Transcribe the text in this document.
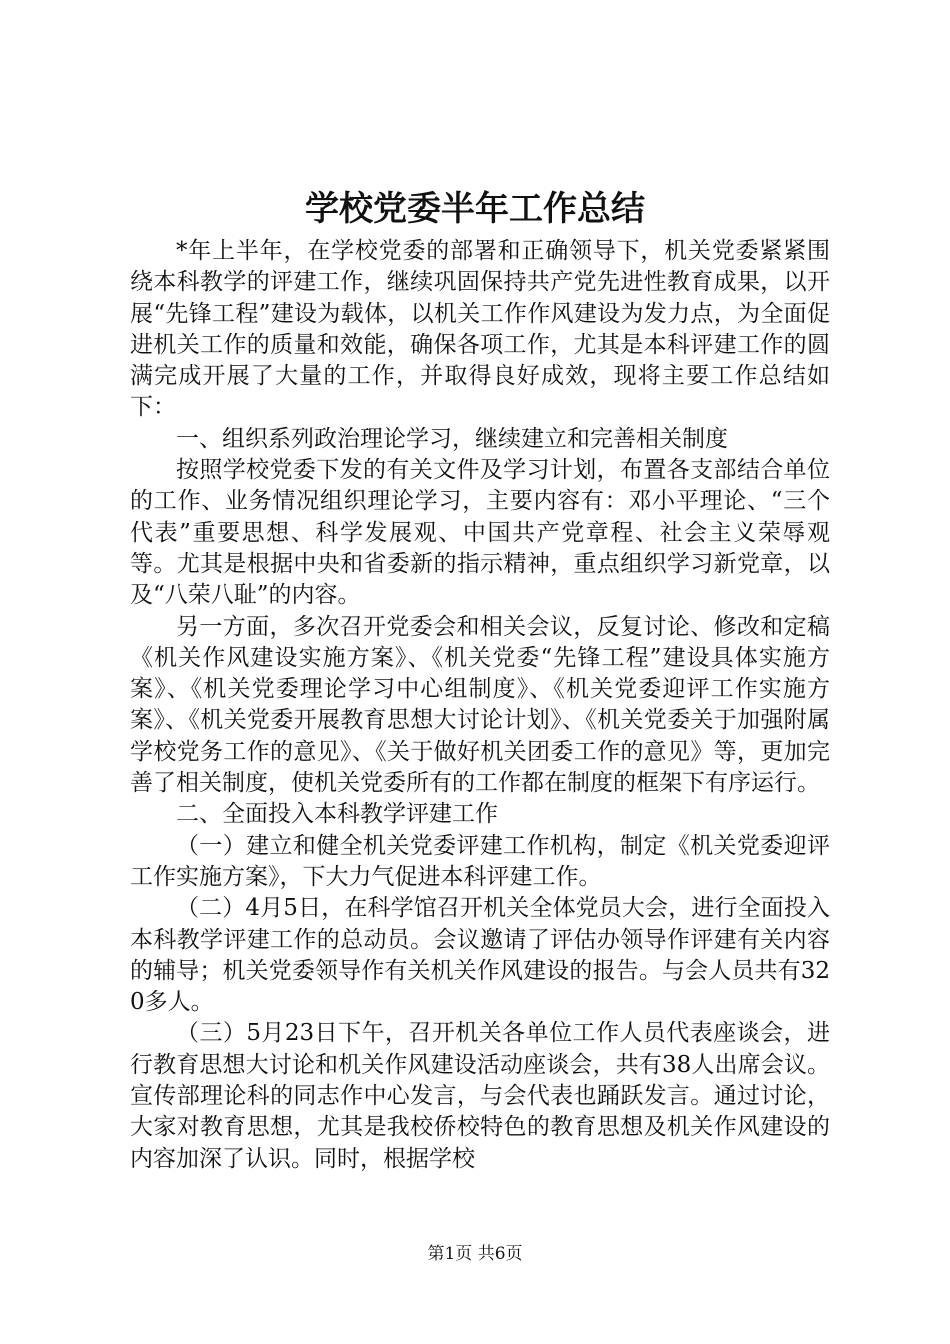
学校党委半年工作总结

*年上半年，在学校党委的部署和正确领导下，机关党委紧紧围绕本科教学的评建工作，继续巩固保持共产党先进性教育成果，以开展“先锋工程”建设为载体，以机关工作作风建设为发力点，为全面促进机关工作的质量和效能，确保各项工作，尤其是本科评建工作的圆满完成开展了大量的工作，并取得良好成效，现将主要工作总结如下：

一、组织系列政治理论学习，继续建立和完善相关制度

按照学校党委下发的有关文件及学习计划，布置各支部结合单位的工作、业务情况组织理论学习，主要内容有：邓小平理论、“三个代表”重要思想、科学发展观、中国共产党章程、社会主义荣辱观等。尤其是根据中央和省委新的指示精神，重点组织学习新党章，以及“八荣八耻”的内容。

另一方面，多次召开党委会和相关会议，反复讨论、修改和定稿《机关作风建设实施方案》、《机关党委“先锋工程”建设具体实施方案》、《机关党委理论学习中心组制度》、《机关党委迎评工作实施方案》、《机关党委开展教育思想大讨论计划》、《机关党委关于加强附属学校党务工作的意见》、《关于做好机关团委工作的意见》等，更加完善了相关制度，使机关党委所有的工作都在制度的框架下有序运行。

二、全面投入本科教学评建工作

（一）建立和健全机关党委评建工作机构，制定《机关党委迎评工作实施方案》，下大力气促进本科评建工作。

（二）4月5日，在科学馆召开机关全体党员大会，进行全面投入本科教学评建工作的总动员。会议邀请了评估办领导作评建有关内容的辅导；机关党委领导作有关机关作风建设的报告。与会人员共有320多人。

（三）5月23日下午，召开机关各单位工作人员代表座谈会，进行教育思想大讨论和机关作风建设活动座谈会，共有38人出席会议。宣传部理论科的同志作中心发言，与会代表也踊跃发言。通过讨论，大家对教育思想，尤其是我校侨校特色的教育思想及机关作风建设的内容加深了认识。同时，根据学校

第1页 共6页
